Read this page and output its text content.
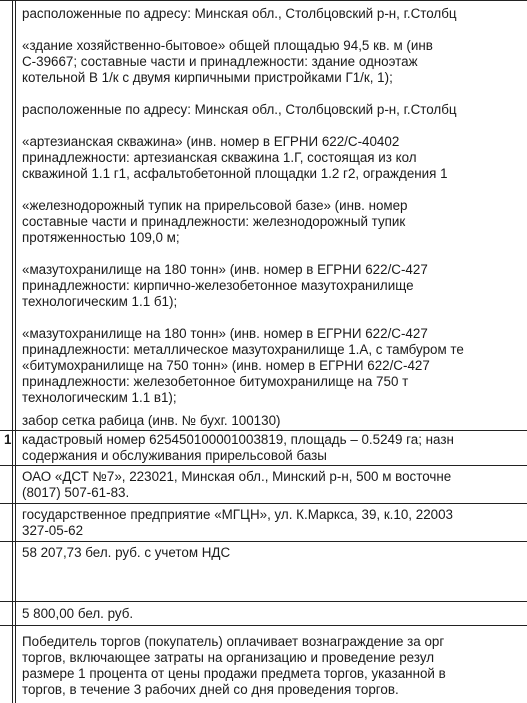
расположенные по адресу: Минская обл., Столбцовский р-н, г.Столбц
«здание хозяйственно-бытовое» общей площадью 94,5 кв. м (инв
С-39667; составные части и принадлежности: здание одноэтаж
котельной В 1/к с двумя кирпичными пристройками Г1/к, 1);
расположенные по адресу: Минская обл., Столбцовский р-н, г.Столбц
«артезианская скважина» (инв. номер в ЕГРНИ 622/С-40402
принадлежности: артезианская скважина 1.Г, состоящая из кол
скважиной 1.1 г1, асфальтобетонной площадки 1.2 г2, ограждения 1
«железнодорожный тупик на прирельсовой базе» (инв. номер
составные части и принадлежности: железнодорожный тупик
протяженностью 109,0 м;
«мазутохранилище на 180 тонн» (инв. номер в ЕГРНИ 622/С-427
принадлежности: кирпично-железобетонное мазутохранилище
технологическим 1.1 б1);
«мазутохранилище на 180 тонн» (инв. номер в ЕГРНИ 622/С-427
принадлежности: металлическое мазутохранилище 1.А, с тамбуром те
«битумохранилище на 750 тонн» (инв. номер в ЕГРНИ 622/С-427
принадлежности: железобетонное битумохранилище на 750 т
технологическим 1.1 в1);
забор сетка рабица (инв. № бухг. 100130)
1 кадастровый номер 625450100001003819, площадь – 0.5249 га; назн
содержания и обслуживания прирельсовой базы
ОАО «ДСТ №7», 223021, Минская обл., Минский р-н, 500 м восточне
(8017) 507-61-83.
государственное предприятие «МГЦН», ул. К.Маркса, 39, к.10, 22003
327-05-62
58 207,73 бел. руб. с учетом НДС
5 800,00 бел. руб.
Победитель торгов (покупатель) оплачивает вознаграждение за орг
торгов, включающее затраты на организацию и проведение резул
размере 1 процента от цены продажи предмета торгов, указанной в
торгов, в течение 3 рабочих дней со дня проведения торгов.
